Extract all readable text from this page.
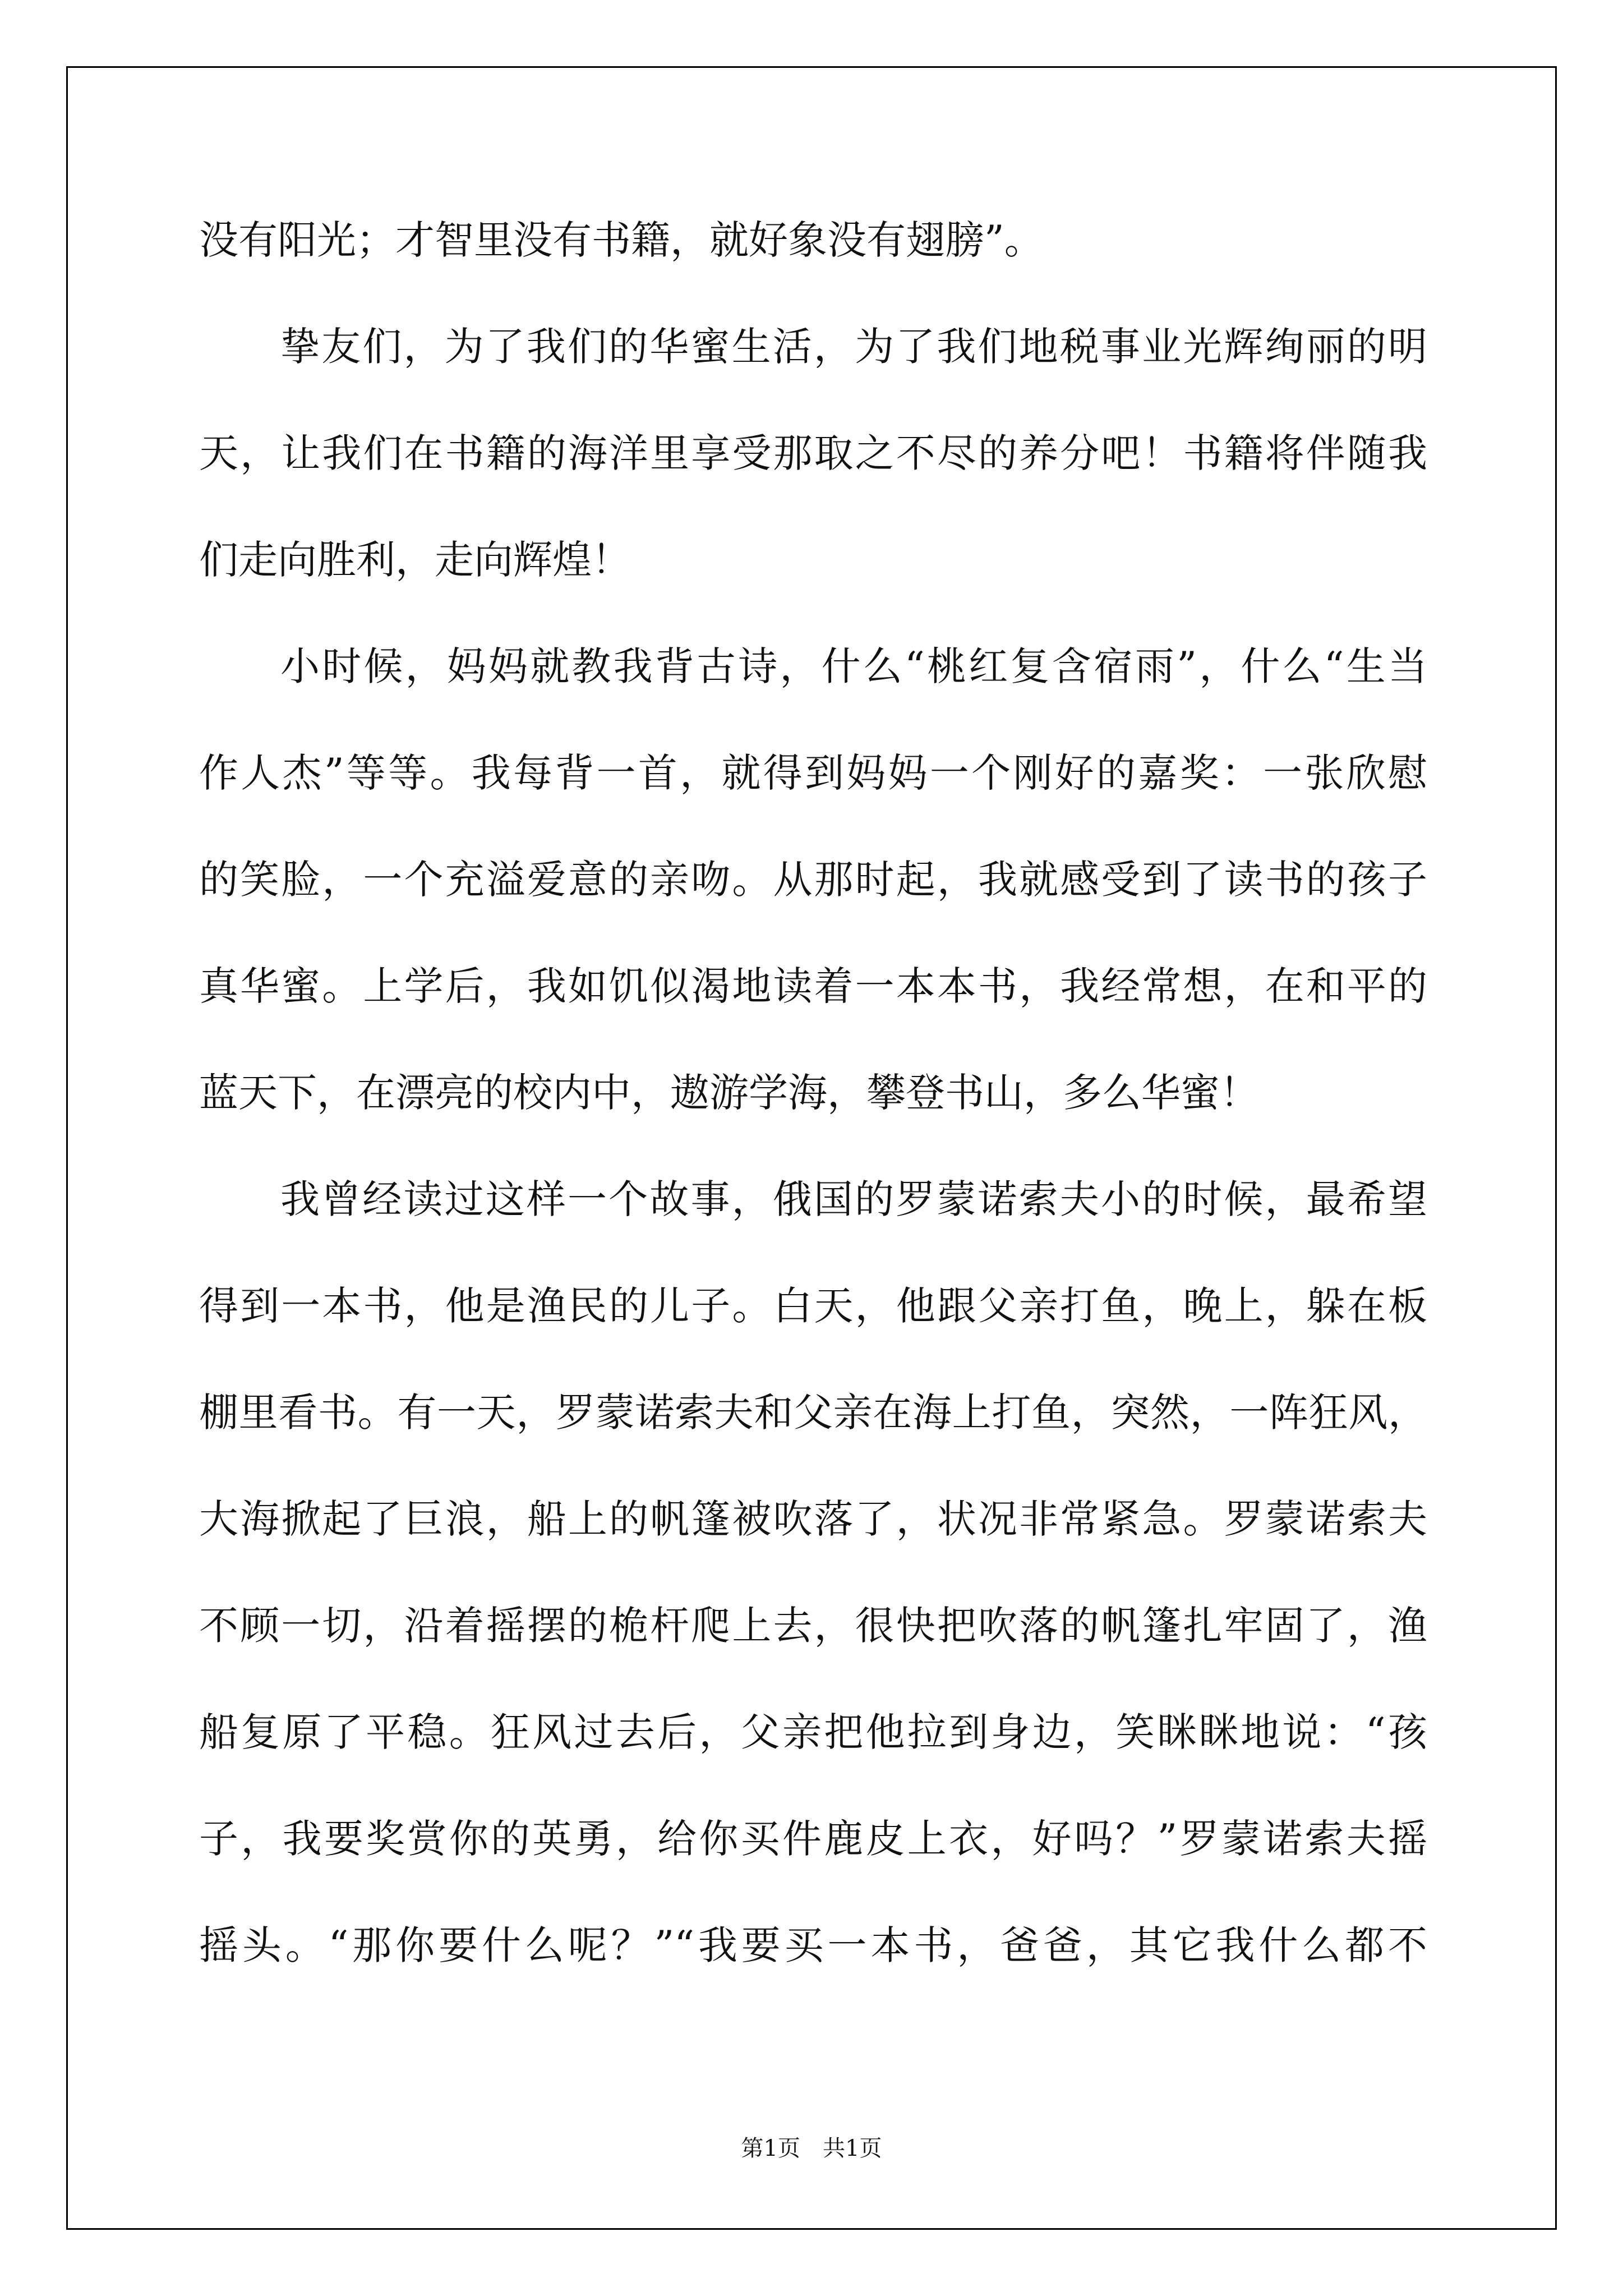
没有阳光；才智里没有书籍，就好象没有翅膀”。
挚友们，为了我们的华蜜生活，为了我们地税事业光辉绚丽的明
天，让我们在书籍的海洋里享受那取之不尽的养分吧！书籍将伴随我
们走向胜利，走向辉煌！
小时候，妈妈就教我背古诗，什么“桃红复含宿雨”，什么“生当
作人杰”等等。我每背一首，就得到妈妈一个刚好的嘉奖：一张欣慰
的笑脸，一个充溢爱意的亲吻。从那时起，我就感受到了读书的孩子
真华蜜。上学后，我如饥似渴地读着一本本书，我经常想，在和平的
蓝天下，在漂亮的校内中，遨游学海，攀登书山，多么华蜜！
我曾经读过这样一个故事，俄国的罗蒙诺索夫小的时候，最希望
得到一本书，他是渔民的儿子。白天，他跟父亲打鱼，晚上，躲在板
棚里看书。有一天，罗蒙诺索夫和父亲在海上打鱼，突然，一阵狂风，
大海掀起了巨浪，船上的帆篷被吹落了，状况非常紧急。罗蒙诺索夫
不顾一切，沿着摇摆的桅杆爬上去，很快把吹落的帆篷扎牢固了，渔
船复原了平稳。狂风过去后，父亲把他拉到身边，笑眯眯地说：“孩
子，我要奖赏你的英勇，给你买件鹿皮上衣，好吗？”罗蒙诺索夫摇
摇头。“那你要什么呢？”“我要买一本书，爸爸，其它我什么都不
第1页　共1页
